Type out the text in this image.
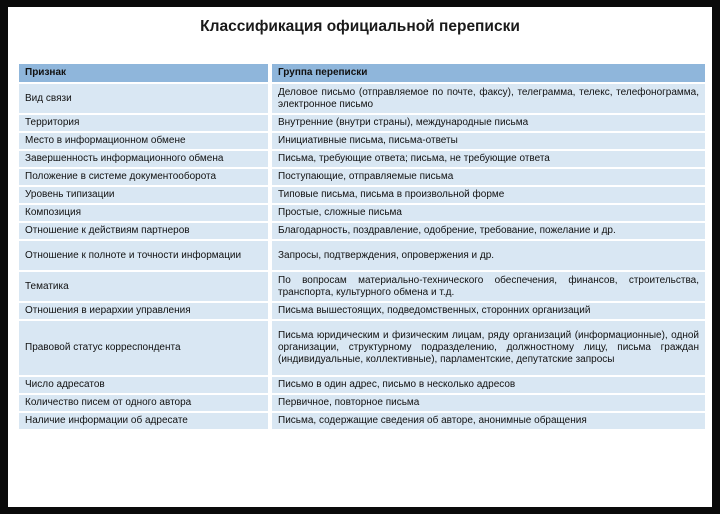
Классификация официальной переписки
Признак	Группа переписки
Вид связи	Деловое письмо (отправляемое по почте, факсу), телеграмма, телекс, телефонограмма, электронное письмо
Территория	Внутренние (внутри страны), международные письма
Место в информационном обмене	Инициативные письма, письма-ответы
Завершенность информационного обмена	Письма, требующие ответа; письма, не требующие ответа
Положение в системе документооборота	Поступающие, отправляемые письма
Уровень типизации	Типовые письма, письма в произвольной форме
Композиция	Простые, сложные письма
Отношение к действиям партнеров	Благодарность, поздравление, одобрение, требование, пожелание и др.
Отношение к полноте и точности информации	Запросы, подтверждения, опровержения и др.
Тематика	По вопросам материально-технического обеспечения, финансов, строительства, транспорта, культурного обмена и т.д.
Отношения в иерархии управления	Письма вышестоящих, подведомственных, сторонних организаций
Правовой статус корреспондента	Письма юридическим и физическим лицам, ряду организаций (информационные), одной организации, структурному подразделению, должностному лицу, письма граждан (индивидуальные, коллективные), парламентские, депутатские запросы
Число адресатов	Письмо в один адрес, письмо в несколько адресов
Количество писем от одного автора	Первичное, повторное письма
Наличие информации об адресате	Письма, содержащие сведения об авторе, анонимные обращения
